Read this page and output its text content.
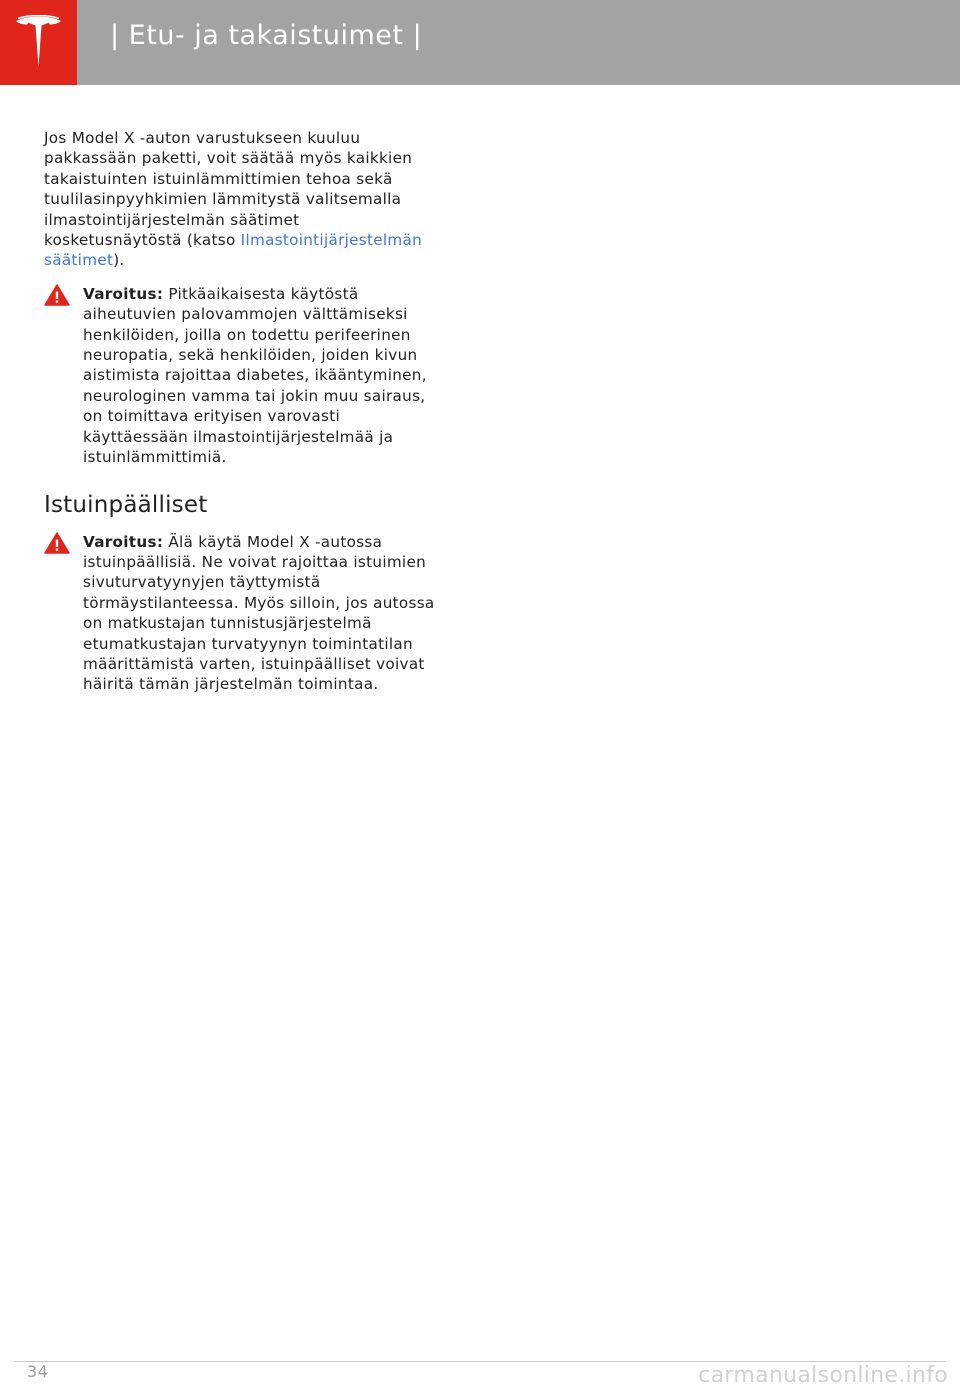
| Etu- ja takaistuimet |

Jos Model X -auton varustukseen kuuluu pakkassään paketti, voit säätää myös kaikkien takaistuinten istuinlämmittimien tehoa sekä tuulilasinpyyhkimien lämmitystä valitsemalla ilmastointijärjestelmän säätimet kosketusnäytöstä (katso Ilmastointijärjestelmän säätimet).

Varoitus: Pitkäaikaisesta käytöstä aiheutuvien palovammojen välttämiseksi henkilöiden, joilla on todettu perifeerinen neuropatia, sekä henkilöiden, joiden kivun aistimista rajoittaa diabetes, ikääntyminen, neurologinen vamma tai jokin muu sairaus, on toimittava erityisen varovasti käyttäessään ilmastointijärjestelmää ja istuinlämmittimiä.

Istuinpäälliset

Varoitus: Älä käytä Model X -autossa istuinpäällisiä. Ne voivat rajoittaa istuimien sivuturvatyynyjen täyttymistä törmäystilanteessa. Myös silloin, jos autossa on matkustajan tunnistusjärjestelmä etumatkustajan turvatyynyn toimintatilan määrittämistä varten, istuinpäälliset voivat häiritä tämän järjestelmän toimintaa.

34	carmanualsonline.info
